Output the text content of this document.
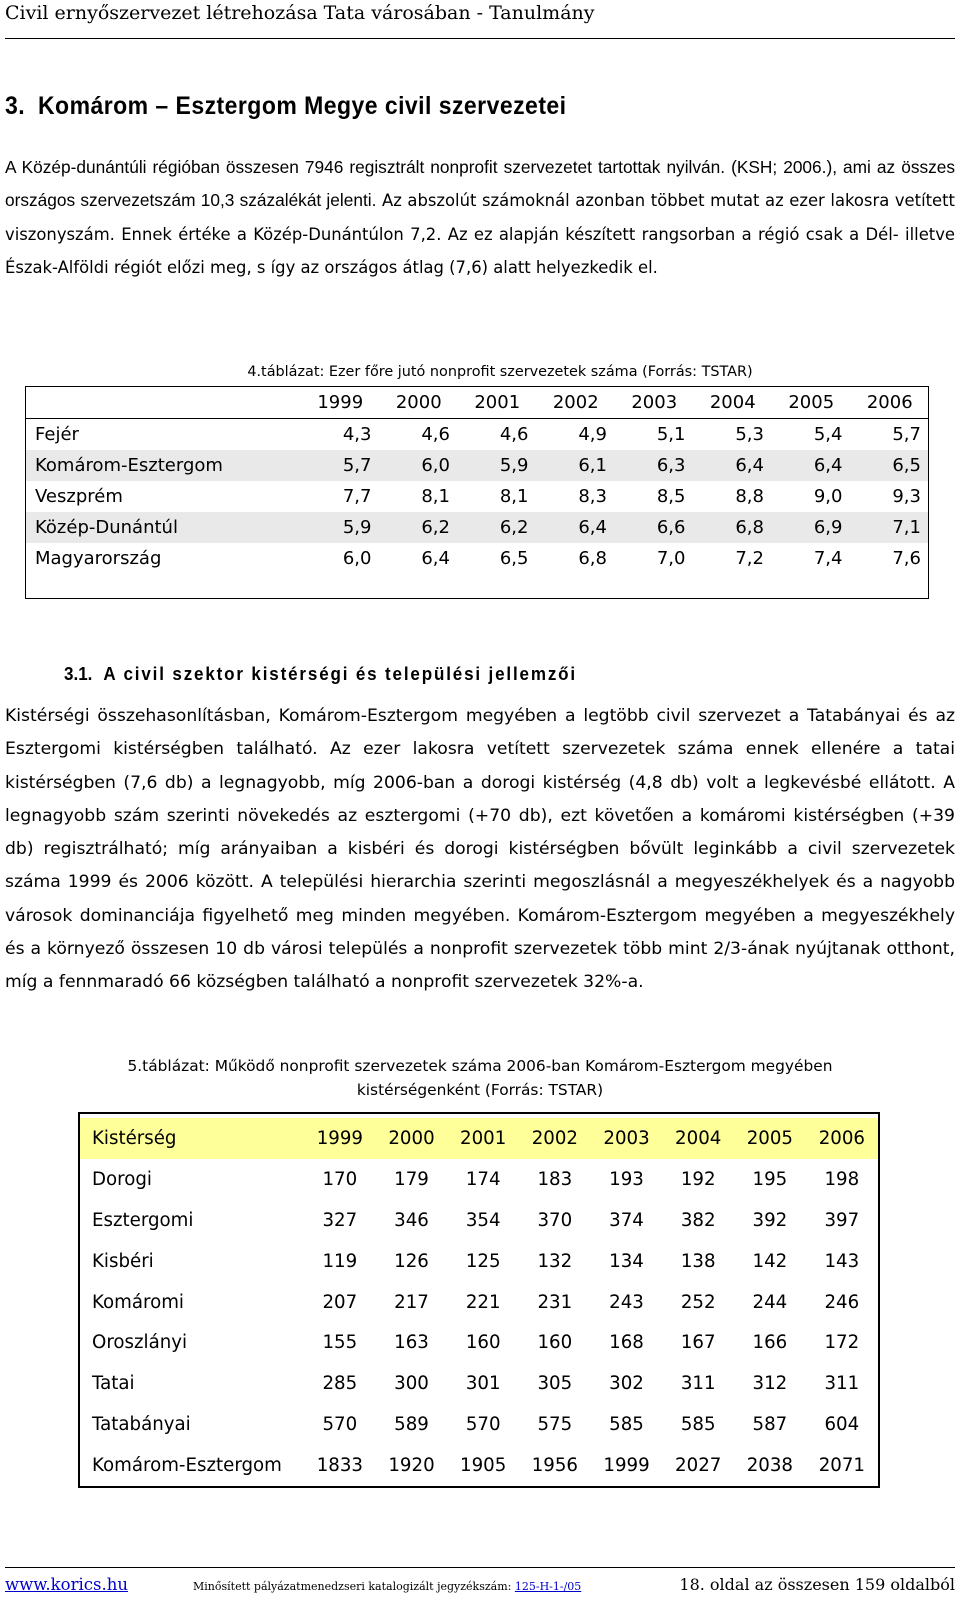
Civil ernyőszervezet létrehozása Tata városában - Tanulmány
3. Komárom – Esztergom Megye civil szervezetei
A Közép-dunántúli régióban összesen 7946 regisztrált nonprofit szervezetet tartottak nyilván. (KSH; 2006.), ami az összes országos szervezetszám 10,3 százalékát jelenti. Az abszolút számoknál azonban többet mutat az ezer lakosra vetített viszonyszám. Ennek értéke a Közép-Dunántúlon 7,2. Az ez alapján készített rangsorban a régió csak a Dél- illetve Észak-Alföldi régiót előzi meg, s így az országos átlag (7,6) alatt helyezkedik el.
4.táblázat: Ezer főre jutó nonprofit szervezetek száma (Forrás: TSTAR)
	1999	2000	2001	2002	2003	2004	2005	2006
Fejér	4,3	4,6	4,6	4,9	5,1	5,3	5,4	5,7
Komárom-Esztergom	5,7	6,0	5,9	6,1	6,3	6,4	6,4	6,5
Veszprém	7,7	8,1	8,1	8,3	8,5	8,8	9,0	9,3
Közép-Dunántúl	5,9	6,2	6,2	6,4	6,6	6,8	6,9	7,1
Magyarország	6,0	6,4	6,5	6,8	7,0	7,2	7,4	7,6
3.1. A civil szektor kistérségi és települési jellemzői
Kistérségi összehasonlításban, Komárom-Esztergom megyében a legtöbb civil szervezet a Tatabányai és az Esztergomi kistérségben található. Az ezer lakosra vetített szervezetek száma ennek ellenére a tatai kistérségben (7,6 db) a legnagyobb, míg 2006-ban a dorogi kistérség (4,8 db) volt a legkevésbé ellátott. A legnagyobb szám szerinti növekedés az esztergomi (+70 db), ezt követően a komáromi kistérségben (+39 db) regisztrálható; míg arányaiban a kisbéri és dorogi kistérségben bővült leginkább a civil szervezetek száma 1999 és 2006 között. A települési hierarchia szerinti megoszlásnál a megyeszékhelyek és a nagyobb városok dominanciája figyelhető meg minden megyében. Komárom-Esztergom megyében a megyeszékhely és a környező összesen 10 db városi település a nonprofit szervezetek több mint 2/3-ának nyújtanak otthont, míg a fennmaradó 66 községben található a nonprofit szervezetek 32%-a.
5.táblázat: Működő nonprofit szervezetek száma 2006-ban Komárom-Esztergom megyében
kistérségenként (Forrás: TSTAR)

Kistérség	1999	2000	2001	2002	2003	2004	2005	2006
Dorogi	170	179	174	183	193	192	195	198
Esztergomi	327	346	354	370	374	382	392	397
Kisbéri	119	126	125	132	134	138	142	143
Komáromi	207	217	221	231	243	252	244	246
Oroszlányi	155	163	160	160	168	167	166	172
Tatai	285	300	301	305	302	311	312	311
Tatabányai	570	589	570	575	585	585	587	604
Komárom-Esztergom	1833	1920	1905	1956	1999	2027	2038	2071
www.korics.hu	Minősített pályázatmenedzseri katalogizált jegyzékszám: 125-H-1-/05	18. oldal az összesen 159 oldalból
